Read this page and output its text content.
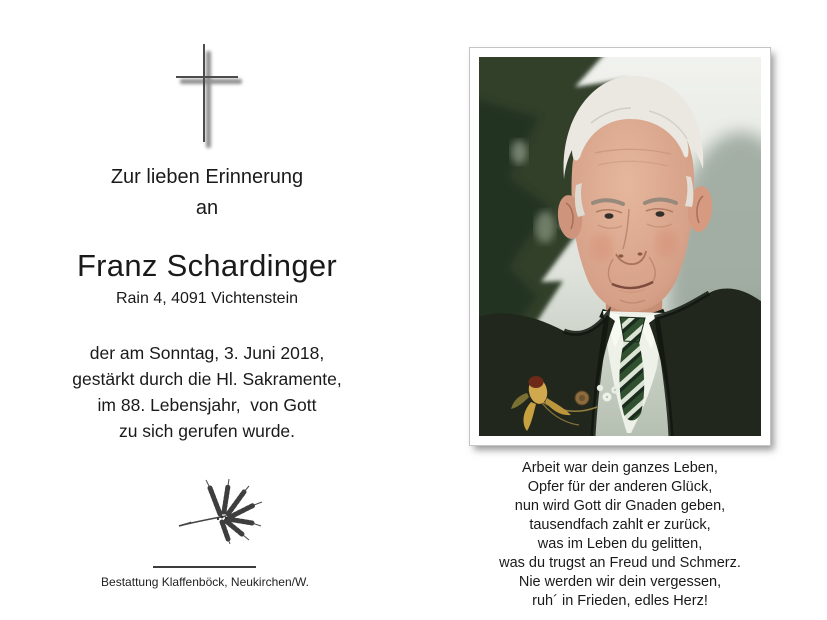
Zur lieben Erinnerung
an
Franz Schardinger
Rain 4, 4091 Vichtenstein
der am Sonntag, 3. Juni 2018,
gestärkt durch die Hl. Sakramente,
im 88. Lebensjahr,  von Gott
zu sich gerufen wurde.
Bestattung Klaffenböck, Neukirchen/W.
Arbeit war dein ganzes Leben,
Opfer für der anderen Glück,
nun wird Gott dir Gnaden geben,
tausendfach zahlt er zurück,
was im Leben du gelitten,
was du trugst an Freud und Schmerz.
Nie werden wir dein vergessen,
ruh´ in Frieden, edles Herz!
